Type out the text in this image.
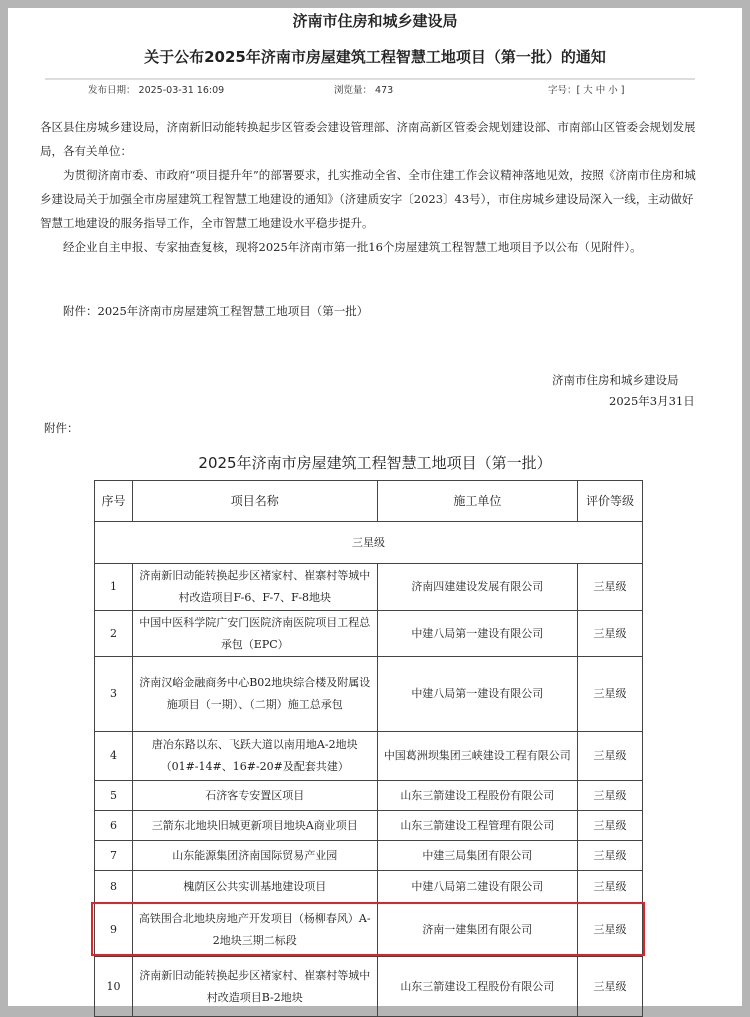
济南市住房和城乡建设局
关于公布2025年济南市房屋建筑工程智慧工地项目（第一批）的通知
发布日期： 2025-03-31 16:09	浏览量： 473	字号：[ 大 中 小 ]
各区县住房城乡建设局，济南新旧动能转换起步区管委会建设管理部、济南高新区管委会规划建设部、市南部山区管委会规划发展局，各有关单位：
为贯彻济南市委、市政府“项目提升年”的部署要求，扎实推动全省、全市住建工作会议精神落地见效，按照《济南市住房和城乡建设局关于加强全市房屋建筑工程智慧工地建设的通知》（济建质安字〔2023〕43号），市住房城乡建设局深入一线，主动做好智慧工地建设的服务指导工作，全市智慧工地建设水平稳步提升。
经企业自主申报、专家抽查复核，现将2025年济南市第一批16个房屋建筑工程智慧工地项目予以公布（见附件）。
附件：2025年济南市房屋建筑工程智慧工地项目（第一批）
济南市住房和城乡建设局
2025年3月31日
附件：
2025年济南市房屋建筑工程智慧工地项目（第一批）
序号	项目名称	施工单位	评价等级
三星级			
1	济南新旧动能转换起步区褚家村、崔寨村等城中村改造项目F-6、F-7、F-8地块	济南四建建设发展有限公司	三星级
2	中国中医科学院广安门医院济南医院项目工程总承包（EPC）	中建八局第一建设有限公司	三星级
3	济南汉峪金融商务中心B02地块综合楼及附属设施项目（一期）、（二期）施工总承包	中建八局第一建设有限公司	三星级
4	唐冶东路以东、飞跃大道以南用地A-2地块（01#-14#、16#-20#及配套共建）	中国葛洲坝集团三峡建设工程有限公司	三星级
5	石济客专安置区项目	山东三箭建设工程股份有限公司	三星级
6	三箭东北地块旧城更新项目地块A商业项目	山东三箭建设工程管理有限公司	三星级
7	山东能源集团济南国际贸易产业园	中建三局集团有限公司	三星级
8	槐荫区公共实训基地建设项目	中建八局第二建设有限公司	三星级
9	高铁围合北地块房地产开发项目（杨柳春风）A-2地块三期二标段	济南一建集团有限公司	三星级
10	济南新旧动能转换起步区褚家村、崔寨村等城中村改造项目B-2地块	山东三箭建设工程股份有限公司	三星级
